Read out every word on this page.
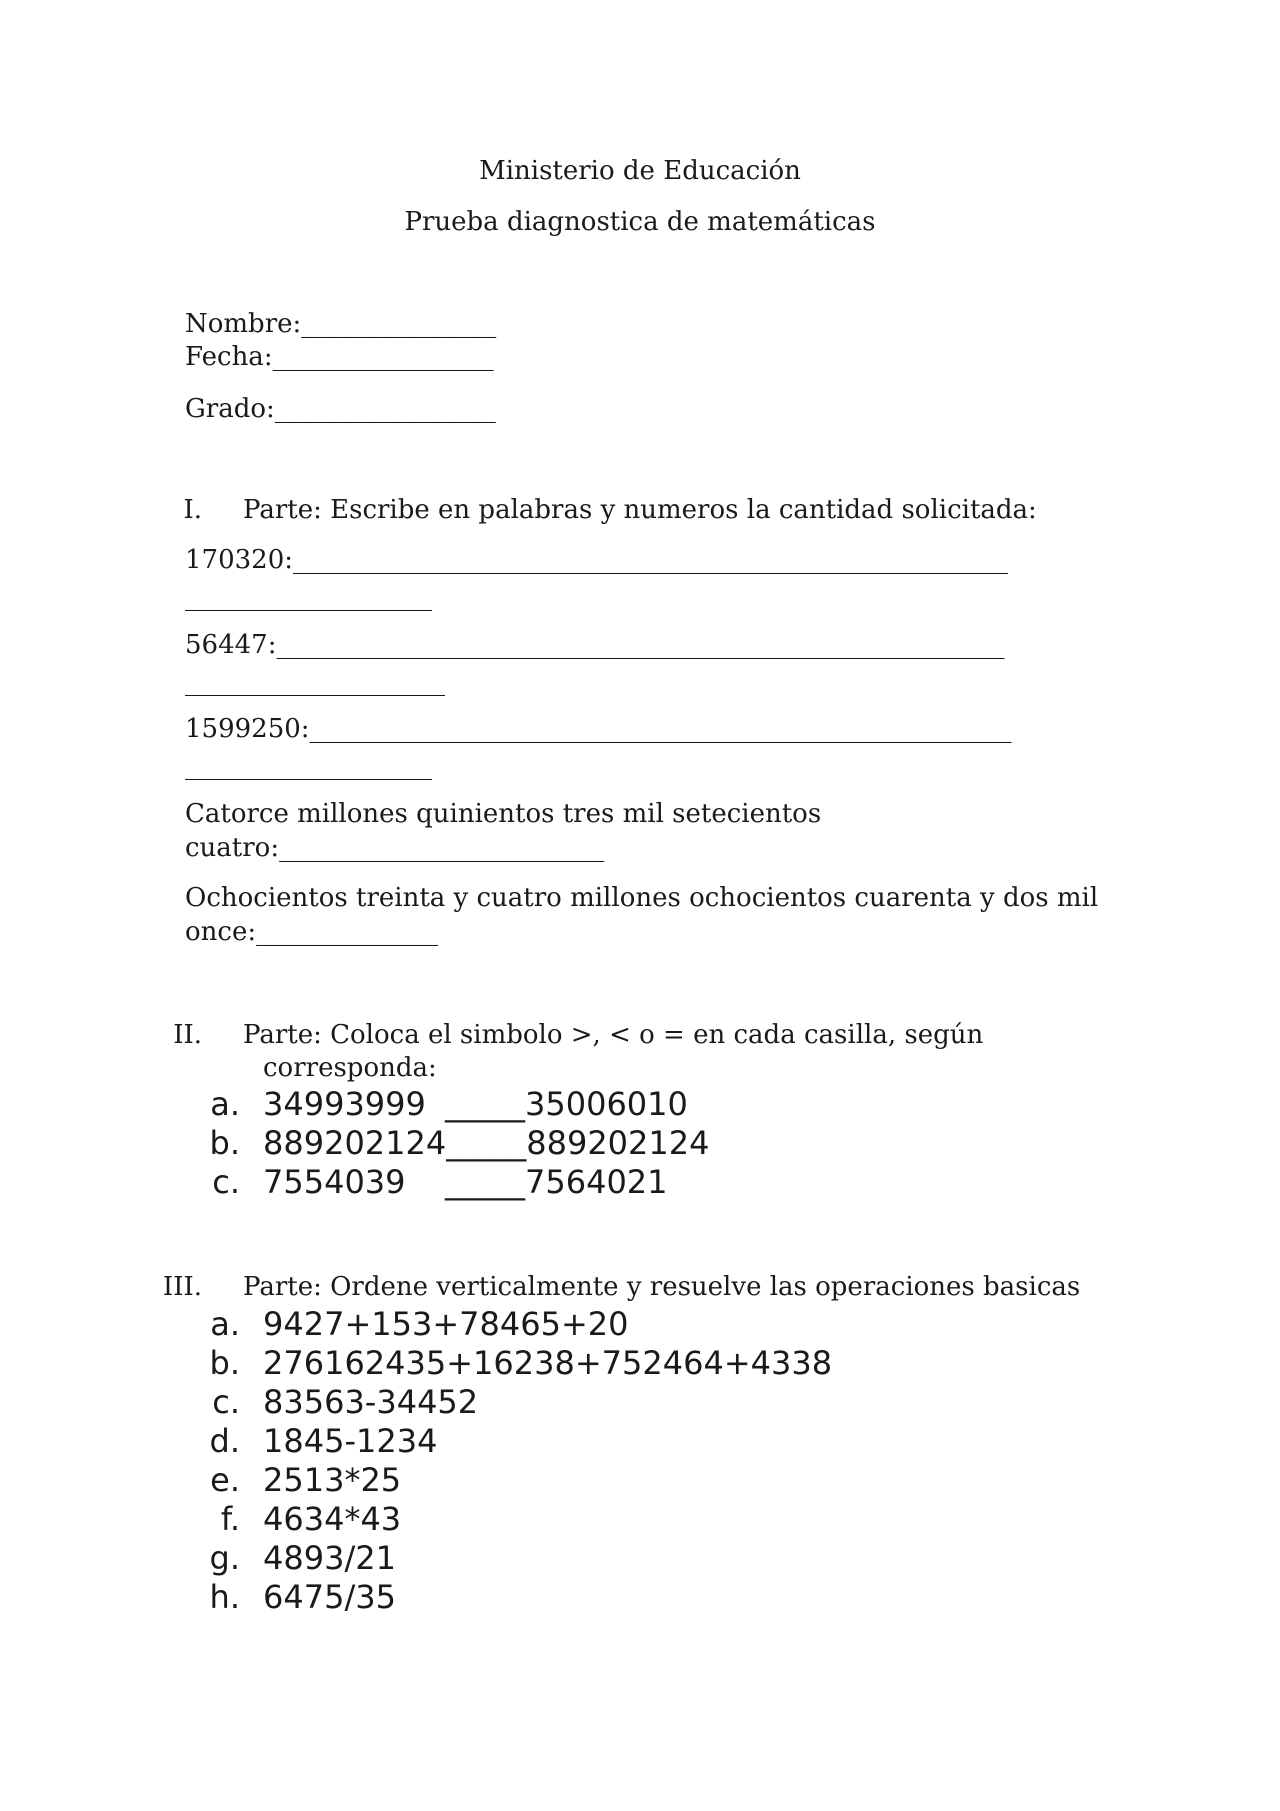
Ministerio de Educación
Prueba diagnostica de matemáticas
Nombre:_______________
Fecha:_________________
Grado:_________________
I. Parte: Escribe en palabras y numeros la cantidad solicitada:
170320:_______________________________________________________
___________________
56447:________________________________________________________
____________________
1599250:______________________________________________________
___________________
Catorce millones quinientos tres mil setecientos
cuatro:_________________________
Ochocientos treinta y cuatro millones ochocientos cuarenta y dos mil
once:______________
II. Parte: Coloca el simbolo >, < o = en cada casilla, según
corresponda:
a. 34993999 _____35006010
b. 889202124_____889202124
c. 7554039 _____7564021
III. Parte: Ordene verticalmente y resuelve las operaciones basicas
a. 9427+153+78465+20
b. 276162435+16238+752464+4338
c. 83563-34452
d. 1845-1234
e. 2513*25
f. 4634*43
g. 4893/21
h. 6475/35
